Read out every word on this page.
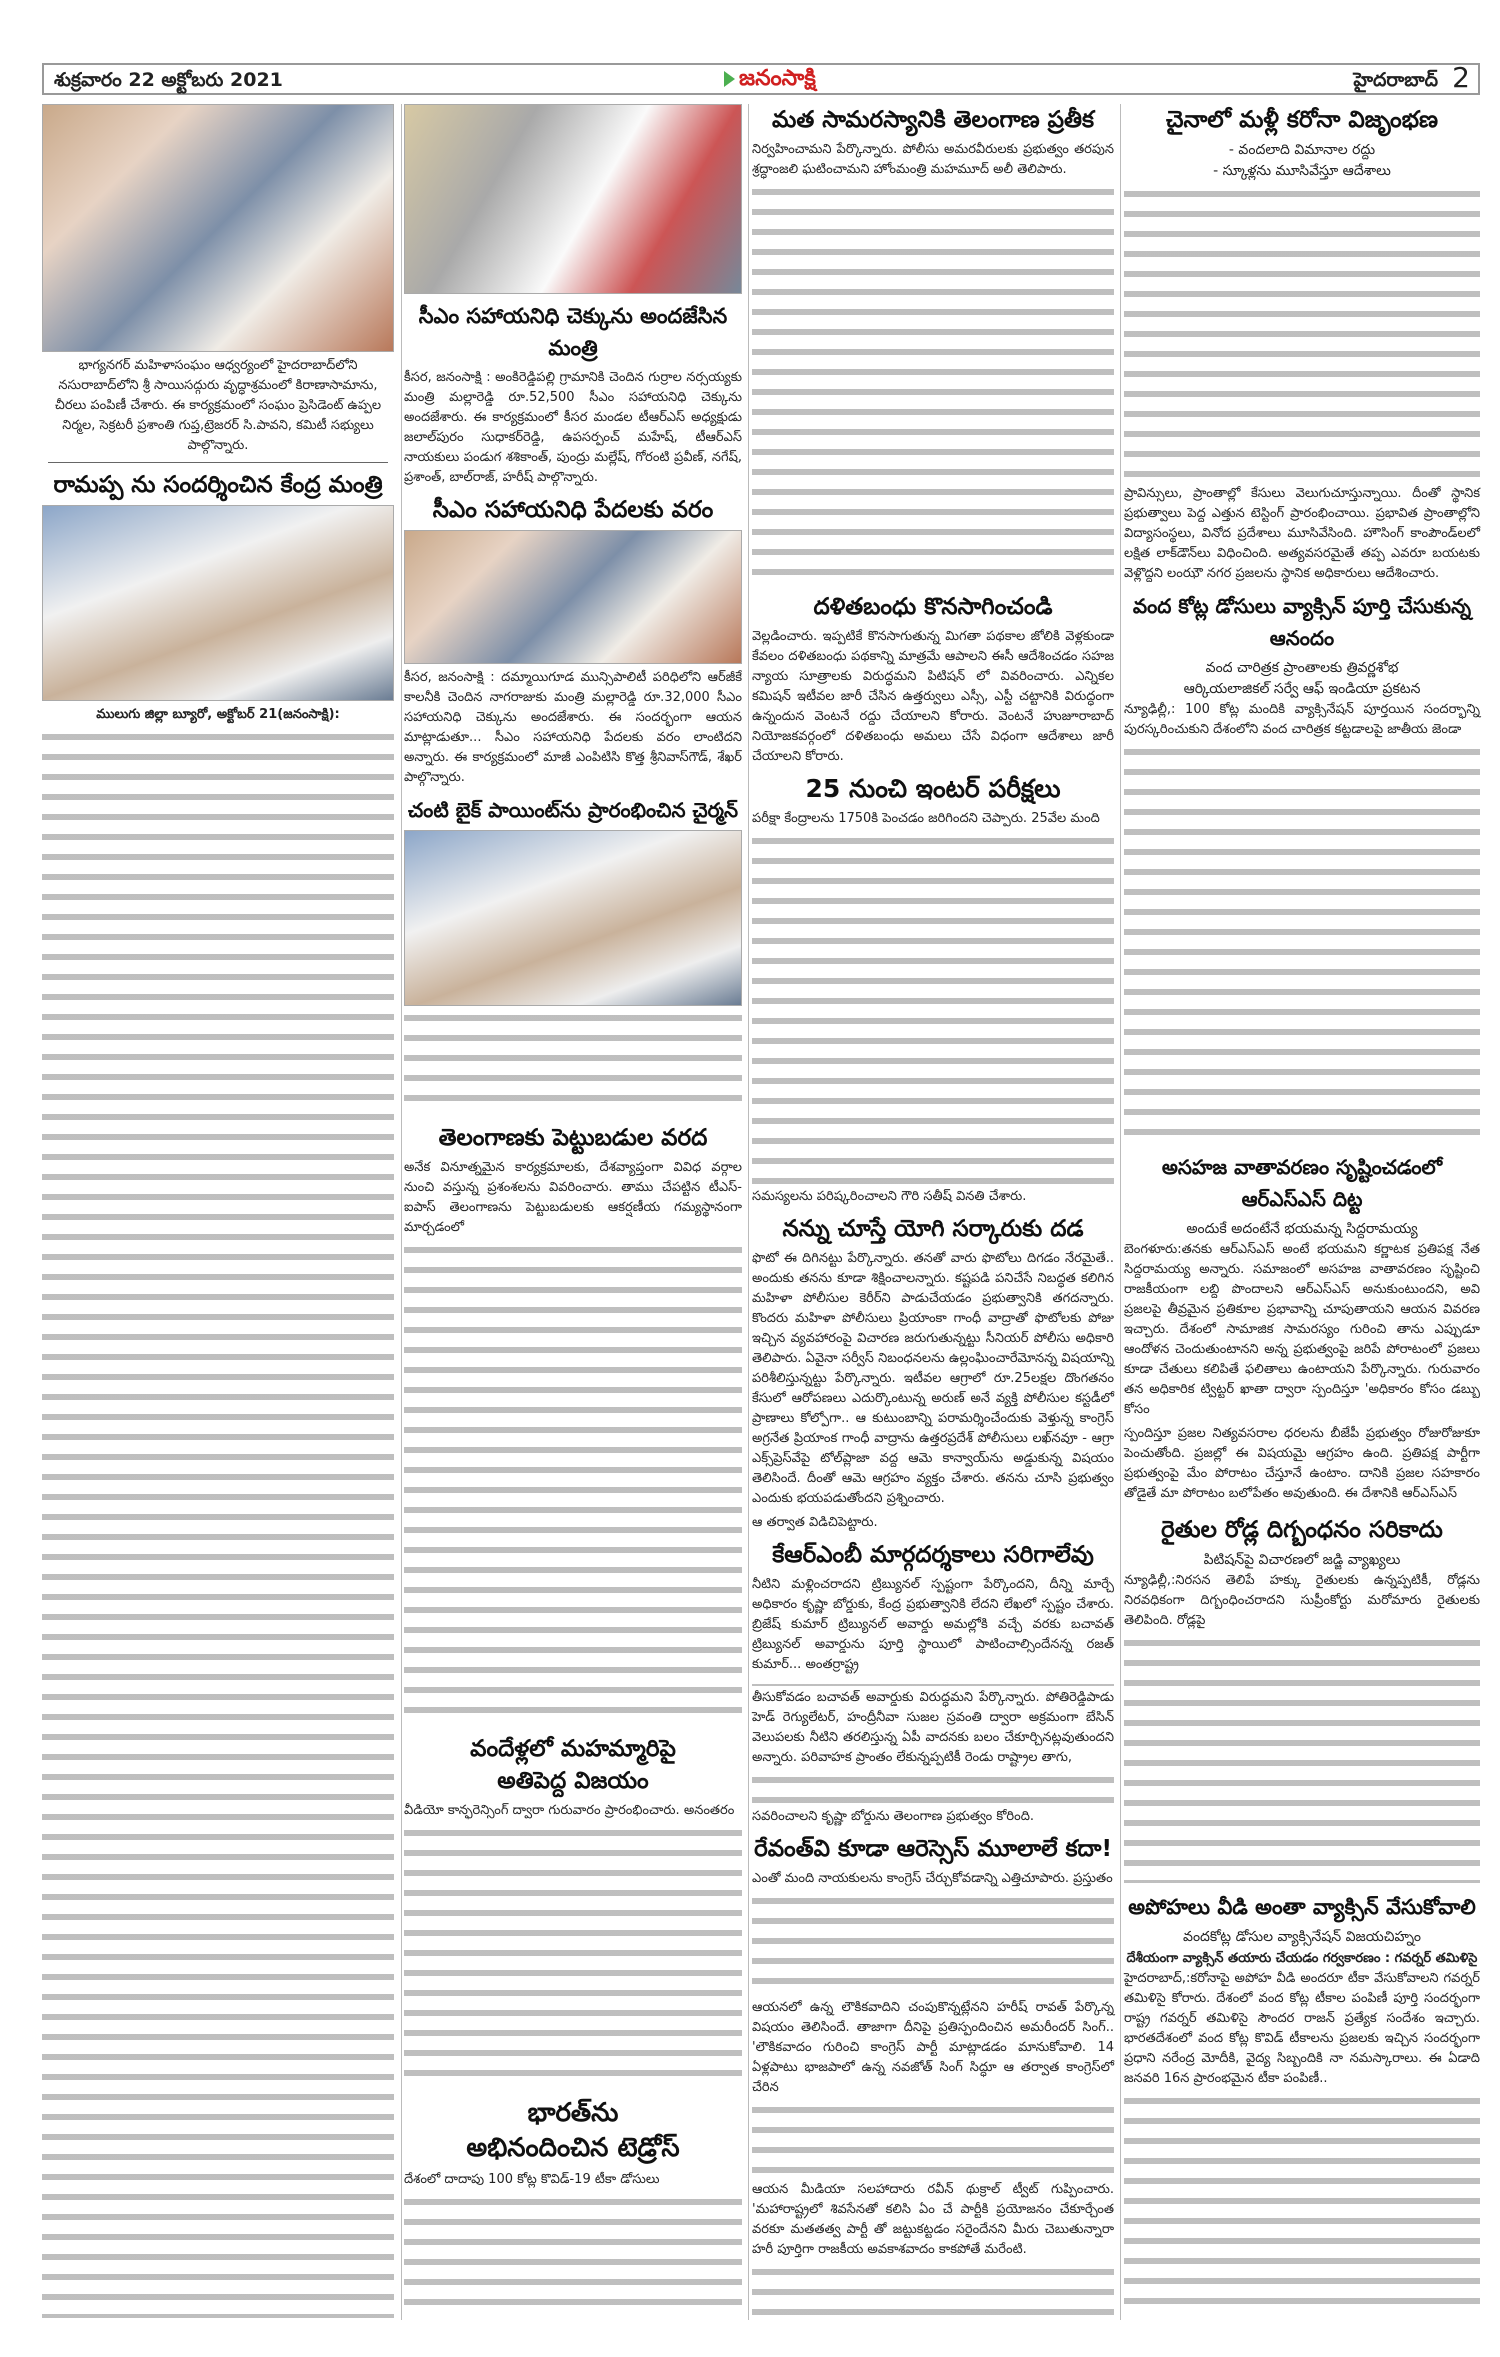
శుక్రవారం 22 అక్టోబరు 2021	జనంసాక్షి	హైదరాబాద్ 2
భాగ్యనగర్ మహిళాసంఘం ఆధ్వర్యంలో హైదరాబాద్‌లోని నసురాబాద్‌లోని శ్రీ సాయిసద్గురు వృద్ధాశ్రమంలో కిరాణాసామాను, చీరలు పంపిణీ చేశారు. ఈ కార్యక్రమంలో సంఘం ప్రెసిడెంట్ ఉప్పల నిర్మల, సెక్రటరీ ప్రశాంతి గుప్త,ట్రెజరర్ సి.పావని, కమిటీ సభ్యులు పాల్గొన్నారు.
రామప్ప ను సందర్శించిన కేంద్ర మంత్రి
ములుగు జిల్లా బ్యూరో, అక్టోబర్ 21(జనంసాక్షి):
సీఎం సహాయనిధి చెక్కును అందజేసిన మంత్రి
కీసర, జనంసాక్షి : అంకిరెడ్డిపల్లి గ్రామానికి చెందిన గుర్రాల నర్సయ్యకు మంత్రి మల్లారెడ్డి రూ.52,500 సీఎం సహాయనిధి చెక్కును అందజేశారు. ఈ కార్యక్రమంలో కీసర మండల టీఆర్ఎస్ అధ్యక్షుడు జలాల్‌పురం సుధాకర్‌రెడ్డి, ఉపసర్పంచ్ మహేష్, టీఆర్ఎస్ నాయకులు పండుగ శశికాంత్, పుంద్రు మల్లేష్, గోరంటి ప్రవీణ్, నగేష్, ప్రశాంత్, బాల్‌రాజ్, హరీష్ పాల్గొన్నారు.
సీఎం సహాయనిధి పేదలకు వరం
కీసర, జనంసాక్షి : దమ్మాయిగూడ మున్సిపాలిటీ పరిధిలోని ఆర్‌జీకే కాలనీకి చెందిన నాగరాజుకు మంత్రి మల్లారెడ్డి రూ.32,000 సీఎం సహాయనిధి చెక్కును అందజేశారు. ఈ సందర్భంగా ఆయన మాట్లాడుతూ... సీఎం సహాయనిధి పేదలకు వరం లాంటిదని అన్నారు. ఈ కార్యక్రమంలో మాజీ ఎంపిటిసి కొత్త శ్రీనివాస్‌గౌడ్, శేఖర్ పాల్గొన్నారు.
చంటి బైక్ పాయింట్‌ను ప్రారంభించిన చైర్మన్
తెలంగాణకు పెట్టుబడుల వరద
అనేక వినూత్నమైన కార్యక్రమాలకు, దేశవ్యాప్తంగా వివిధ వర్గాల నుంచి వస్తున్న ప్రశంశలను వివరించారు. తాము చేపట్టిన టీఎస్-ఐపాస్ తెలంగాణను పెట్టుబడులకు ఆకర్షణీయ గమ్యస్థానంగా మార్చడంలో
వందేళ్లలో మహమ్మారిపై
అతిపెద్ద విజయం
వీడియో కాన్ఫరెన్సింగ్ ద్వారా గురువారం ప్రారంభించారు. అనంతరం
భారత్‌ను
అభినందించిన టెడ్రోస్
దేశంలో దాదాపు 100 కోట్ల కొవిడ్-19 టీకా డోసులు
మత సామరస్యానికి తెలంగాణ ప్రతీక
నిర్వహించామని పేర్కొన్నారు. పోలీసు అమరవీరులకు ప్రభుత్వం తరపున శ్రద్ధాంజలి ఘటించామని హోంమంత్రి మహమూద్ అలీ తెలిపారు.
దళితబంధు కొనసాగించండి
వెల్లడించారు. ఇప్పటికే కొనసాగుతున్న మిగతా పథకాల జోలికి వెళ్లకుండా కేవలం దళితబంధు పథకాన్ని మాత్రమే ఆపాలని ఈసీ ఆదేశించడం సహజ న్యాయ సూత్రాలకు విరుద్ధమని పిటిషన్ లో వివరించారు. ఎన్నికల కమిషన్ ఇటీవల జారీ చేసిన ఉత్తర్వులు ఎస్సీ, ఎస్టీ చట్టానికి విరుద్ధంగా ఉన్నందున వెంటనే రద్దు చేయాలని కోరారు. వెంటనే హుజూరాబాద్ నియోజకవర్గంలో దళితబంధు అమలు చేసే విధంగా ఆదేశాలు జారీ చేయాలని కోరారు.
25 నుంచి ఇంటర్ పరీక్షలు
పరీక్షా కేంద్రాలను 1750కి పెంచడం జరిగిందని చెప్పారు. 25వేల మంది
సమస్యలను పరిష్కరించాలని గౌరి సతీష్ వినతి చేశారు.
నన్ను చూస్తే యోగి సర్కారుకు దడ
ఫొటో ఈ దిగినట్టు పేర్కొన్నారు. తనతో వారు ఫొటోలు దిగడం నేరమైతే.. అందుకు తనను కూడా శిక్షించాలన్నారు. కష్టపడి పనిచేసే నిబద్ధత కలిగిన మహిళా పోలీసుల కెరీర్‌ని పాడుచేయడం ప్రభుత్వానికి తగదన్నారు. కొందరు మహిళా పోలీసులు ప్రియాంకా గాంధీ వాద్రాతో ఫొటోలకు పోజు ఇచ్చిన వ్యవహారంపై విచారణ జరుగుతున్నట్టు సీనియర్ పోలీసు అధికారి తెలిపారు. ఏవైనా సర్వీస్ నిబంధనలను ఉల్లంఘించారేమోనన్న విషయాన్ని పరిశీలిస్తున్నట్టు పేర్కొన్నారు. ఇటీవల ఆగ్రాలో రూ.25లక్షల దొంగతనం కేసులో ఆరోపణలు ఎదుర్కొంటున్న అరుణ్ అనే వ్యక్తి పోలీసుల కస్టడీలో ప్రాణాలు కోల్పోగా.. ఆ కుటుంబాన్ని పరామర్శించేందుకు వెళ్తున్న కాంగ్రెస్ అగ్రనేత ప్రియాంక గాంధీ వాద్రాను ఉత్తరప్రదేశ్ పోలీసులు లఖ్‌నవూ - ఆగ్రా ఎక్స్‌ప్రెస్‌వేపై టోల్‌ప్లాజా వద్ద ఆమె కాన్వాయ్‌ను అడ్డుకున్న విషయం తెలిసిందే. దీంతో ఆమె ఆగ్రహం వ్యక్తం చేశారు. తనను చూసి ప్రభుత్వం ఎందుకు భయపడుతోందని ప్రశ్నించారు.
ఆ తర్వాత విడిచిపెట్టారు.
కేఆర్ఎంబీ మార్గదర్శకాలు సరిగాలేవు
నీటిని మళ్లించరాదని ట్రిబ్యునల్ స్పష్టంగా పేర్కొందని, దీన్ని మార్చే అధికారం కృష్ణా బోర్డుకు, కేంద్ర ప్రభుత్వానికి లేదని లేఖలో స్పష్టం చేశారు. బ్రిజేష్ కుమార్ ట్రిబ్యునల్ అవార్డు అమల్లోకి వచ్చే వరకు బచావత్ ట్రిబ్యునల్ అవార్డును పూర్తి స్థాయిలో పాటించాల్సిందేనన్న రజత్ కుమార్... అంతర్రాష్ట్ర
తీసుకోవడం బచావత్ అవార్డుకు విరుద్ధమని పేర్కొన్నారు. పోతిరెడ్డిపాడు హెడ్ రెగ్యులేటర్, హంద్రీనీవా సుజల స్రవంతి ద్వారా అక్రమంగా బేసిన్ వెలుపలకు నీటిని తరలిస్తున్న ఏపీ వాదనకు బలం చేకూర్చినట్లవుతుందని అన్నారు. పరివాహక ప్రాంతం లేకున్నప్పటికీ రెండు రాష్ట్రాల తాగు,
సవరించాలని కృష్ణా బోర్డును తెలంగాణ ప్రభుత్వం కోరింది.
రేవంత్‌వి కూడా ఆరెస్సెస్ మూలాలే కదా!
ఎంతో మంది నాయకులను కాంగ్రెస్ చేర్చుకోవడాన్ని ఎత్తిచూపారు. ప్రస్తుతం
ఆయనలో ఉన్న లౌకికవాదిని చంపుకొన్నట్లేనని హరీష్ రావత్ పేర్కొన్న విషయం తెలిసిందే. తాజాగా దీనిపై ప్రతిస్పందించిన అమరీందర్ సింగ్.. 'లౌకికవాదం గురించి కాంగ్రెస్ పార్టీ మాట్లాడడం మానుకోవాలి. 14 ఏళ్లపాటు భాజపాలో ఉన్న నవజోత్ సింగ్ సిద్ధూ ఆ తర్వాత కాంగ్రెస్‌లో చేరిన
ఆయన మీడియా సలహాదారు రవీన్ థుక్రాల్ ట్వీట్ గుప్పించారు. 'మహారాష్ట్రలో శివసేనతో కలిసి ఏం చే పార్టీకి ప్రయోజనం చేకూర్చేంత వరకూ మతతత్వ పార్టీ తో జట్టుకట్టడం సరైందేనని మీరు చెబుతున్నారా హరీ పూర్తిగా రాజకీయ అవకాశవాదం కాకపోతే మరేంటి.
చైనాలో మళ్లీ కరోనా విజృంభణ
- వందలాది విమానాల రద్దు
- స్కూళ్లను మూసివేస్తూ ఆదేశాలు
ప్రావిన్సులు, ప్రాంతాల్లో కేసులు వెలుగుచూస్తున్నాయి. దీంతో స్థానిక ప్రభుత్వాలు పెద్ద ఎత్తున టెస్టింగ్ ప్రారంభించాయి. ప్రభావిత ప్రాంతాల్లోని విద్యాసంస్థలు, వినోద ప్రదేశాలు మూసివేసింది. హౌసింగ్ కాంపౌండ్‌లలో లక్షిత లాక్‌డౌన్‌లు విధించింది. అత్యవసరమైతే తప్ప ఎవరూ బయటకు వెళ్లొద్దని లంఝౌ నగర ప్రజలను స్థానిక అధికారులు ఆదేశించారు.
వంద కోట్ల డోసులు వ్యాక్సిన్ పూర్తి చేసుకున్న ఆనందం
వంద చారిత్రక ప్రాంతాలకు త్రివర్ణశోభ
ఆర్కియలాజికల్ సర్వే ఆఫ్ ఇండియా ప్రకటన
న్యూఢిల్లీ,: 100 కోట్ల మందికి వ్యాక్సినేషన్ పూర్తయిన సందర్భాన్ని పురస్కరించుకుని దేశంలోని వంద చారిత్రక కట్టడాలపై జాతీయ జెండా
అసహజ వాతావరణం సృష్టించడంలో ఆర్ఎస్ఎస్ దిట్ట
అందుకే అదంటేనే భయమన్న సిద్దరామయ్య
బెంగళూరు:తనకు ఆర్ఎస్ఎస్ అంటే భయమని కర్ణాటక ప్రతిపక్ష నేత సిద్దరామయ్య అన్నారు. సమాజంలో అసహజ వాతావరణం సృష్టించి రాజకీయంగా లబ్ది పొందాలని ఆర్ఎస్ఎస్ అనుకుంటుందని, అవి ప్రజలపై తీవ్రమైన ప్రతికూల ప్రభావాన్ని చూపుతాయని ఆయన వివరణ ఇచ్చారు. దేశంలో సామాజిక సామరస్యం గురించి తాను ఎప్పుడూ ఆందోళన చెందుతుంటానని అన్న ప్రభుత్వంపై జరిపే పోరాటంలో ప్రజలు కూడా చేతులు కలిపితే ఫలితాలు ఉంటాయని పేర్కొన్నారు. గురువారం తన అధికారిక ట్విట్టర్ ఖాతా ద్వారా స్పందిస్తూ 'అధికారం కోసం డబ్బు కోసం
స్పందిస్తూ ప్రజల నిత్యవసరాల ధరలను బీజేపీ ప్రభుత్వం రోజురోజుకూ పెంచుతోంది. ప్రజల్లో ఈ విషయమై ఆగ్రహం ఉంది. ప్రతిపక్ష పార్టీగా ప్రభుత్వంపై మేం పోరాటం చేస్తూనే ఉంటాం. దానికి ప్రజల సహకారం తోడైతే మా పోరాటం బలోపేతం అవుతుంది. ఈ దేశానికి ఆర్ఎస్ఎస్
రైతుల రోడ్ల దిగ్బంధనం సరికాదు
పిటిషన్‌పై విచారణలో జడ్జి వ్యాఖ్యలు
న్యూఢిల్లీ,:నిరసన తెలిపే హక్కు రైతులకు ఉన్నప్పటికీ, రోడ్లను నిరవధికంగా దిగ్బంధించరాదని సుప్రీంకోర్టు మరోమారు రైతులకు తెలిపింది. రోడ్లపై
అపోహలు వీడి అంతా వ్యాక్సిన్ వేసుకోవాలి
వందకోట్ల డోసుల వ్యాక్సినేషన్ విజయచిహ్నం
దేశీయంగా వ్యాక్సిన్ తయారు చేయడం గర్వకారణం : గవర్నర్ తమిళిసై
హైదరాబాద్,:కరోనాపై అపోహ వీడి అందరూ టీకా వేసుకోవాలని గవర్నర్ తమిళిసై కోరారు. దేశంలో వంద కోట్ల టీకాల పంపిణీ పూర్తి సందర్భంగా రాష్ట్ర గవర్నర్ తమిళిసై సౌందర రాజన్ ప్రత్యేక సందేశం ఇచ్చారు. భారతదేశంలో వంద కోట్ల కొవిడ్ టీకాలను ప్రజలకు ఇచ్చిన సందర్భంగా ప్రధాని నరేంద్ర మోదీకి, వైద్య సిబ్బందికి నా నమస్కారాలు. ఈ ఏడాది జనవరి 16న ప్రారంభమైన టీకా పంపిణీ..
